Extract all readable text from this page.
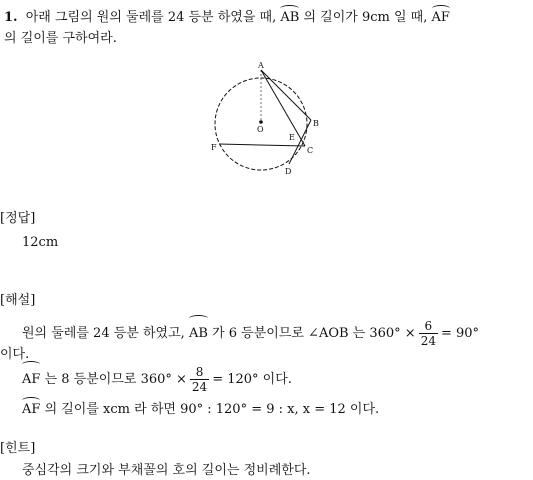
1. 아래 그림의 원의 둘레를 24 등분 하였을 때, AB 의 길이가 9cm 일 때, AF
의 길이를 구하여라.
A
B
C
D
E
F
O
[정답]
12cm
[해설]
원의 둘레를 24 등분 하였고, AB 가 6 등분이므로 ∠AOB 는 $360^\circ \times \frac{6}{24} = 90^\circ$
이다.
AF 는 8 등분이므로 $360^\circ \times \frac{8}{24} = 120^\circ$ 이다.
AF 의 길이를 xcm 라 하면 90° : 120° = 9 : x, x = 12 이다.
[힌트]
중심각의 크기와 부채꼴의 호의 길이는 정비례한다.
